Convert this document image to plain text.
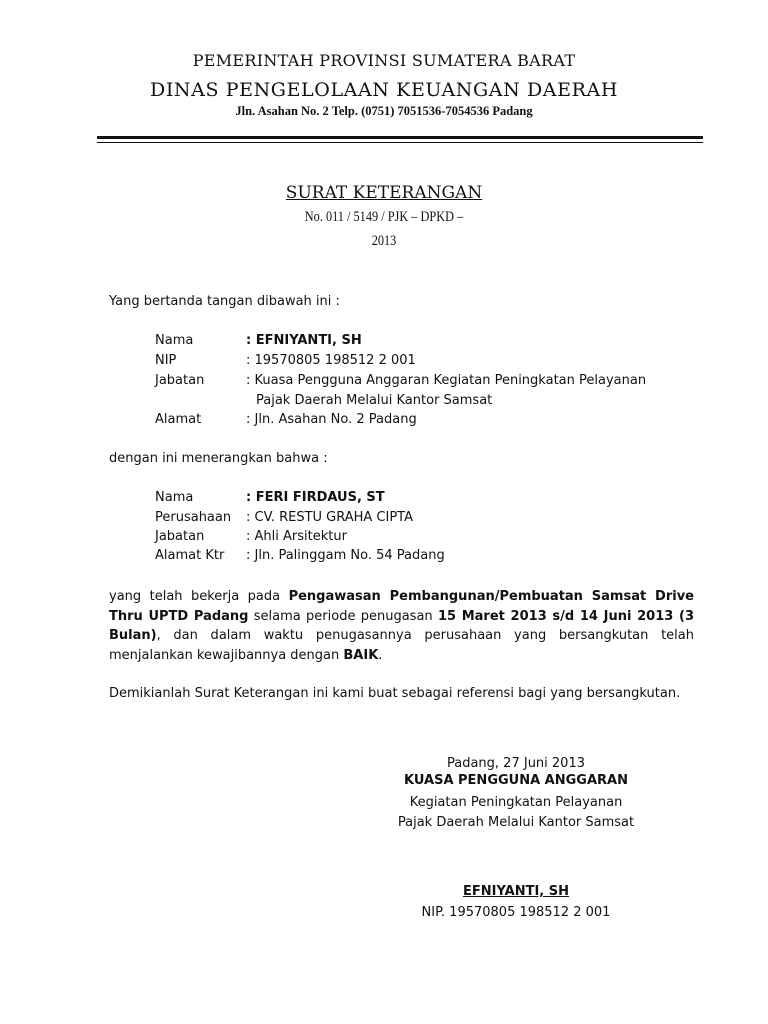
PEMERINTAH PROVINSI SUMATERA BARAT
DINAS PENGELOLAAN KEUANGAN DAERAH
Jln. Asahan No. 2 Telp. (0751) 7051536-7054536 Padang
SURAT KETERANGAN
No. 011 / 5149 / PJK – DPKD –
2013
Yang bertanda tangan dibawah ini :
Nama	: EFNIYANTI, SH
NIP	: 19570805 198512 2 001
Jabatan	: Kuasa Pengguna Anggaran Kegiatan Peningkatan Pelayanan
Pajak Daerah Melalui Kantor Samsat
Alamat	: Jln. Asahan No. 2 Padang
dengan ini menerangkan bahwa :
Nama	: FERI FIRDAUS, ST
Perusahaan : CV. RESTU GRAHA CIPTA
Jabatan	: Ahli Arsitektur
Alamat Ktr : Jln. Palinggam No. 54 Padang
yang telah bekerja pada Pengawasan Pembangunan/Pembuatan Samsat Drive Thru UPTD Padang selama periode penugasan 15 Maret 2013 s/d 14 Juni 2013 (3 Bulan), dan dalam waktu penugasannya perusahaan yang bersangkutan telah menjalankan kewajibannya dengan BAIK.
Demikianlah Surat Keterangan ini kami buat sebagai referensi bagi yang bersangkutan.
Padang, 27 Juni 2013
KUASA PENGGUNA ANGGARAN
Kegiatan Peningkatan Pelayanan
Pajak Daerah Melalui Kantor Samsat
EFNIYANTI, SH
NIP. 19570805 198512 2 001
